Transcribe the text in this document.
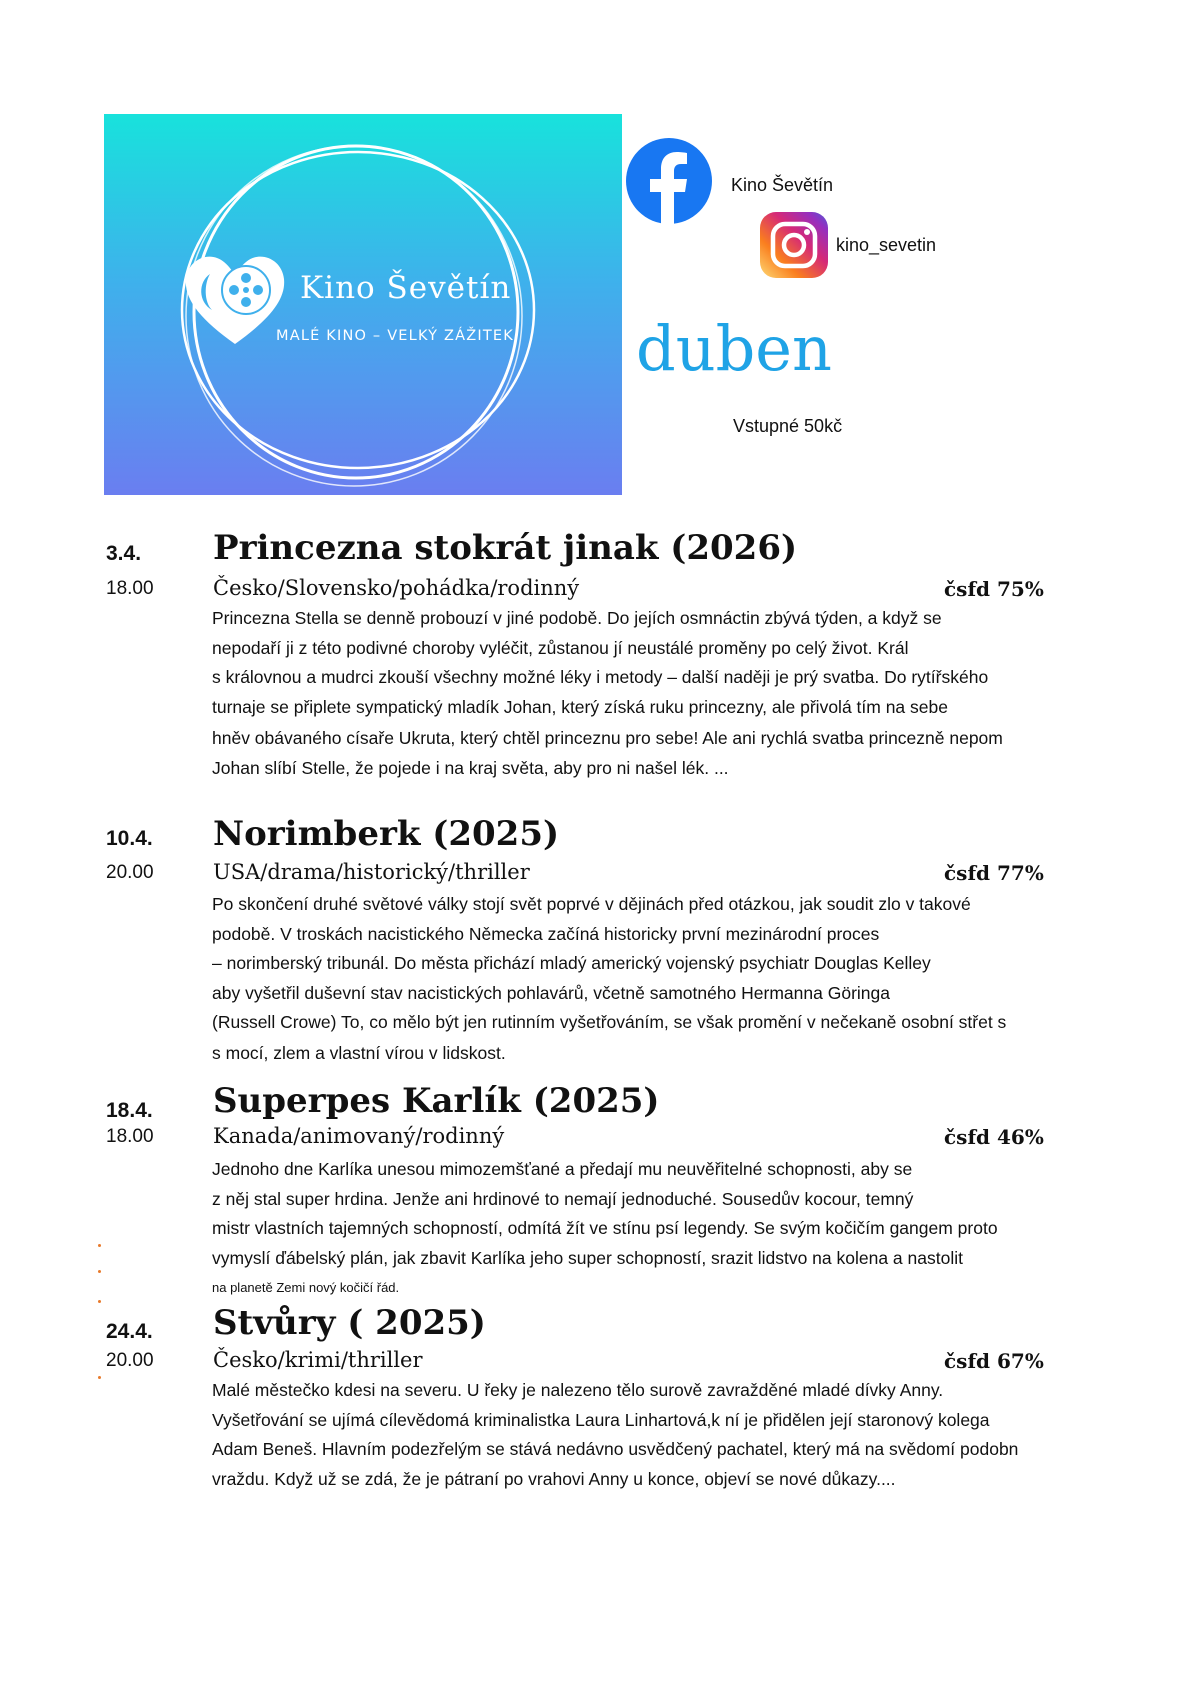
Kino Ševětín
MALÉ KINO – VELKÝ ZÁŽITEK
Kino Ševětín
kino_sevetin
duben
Vstupné 50kč
3.4. Princezna stokrát jinak (2026)
18.00	Česko/Slovensko/pohádka/rodinný	čsfd 75%
Princezna Stella se denně probouzí v jiné podobě. Do jejích osmnáctin zbývá týden, a když se
nepodaří ji z této podivné choroby vyléčit, zůstanou jí neustálé proměny po celý život. Král
s královnou a mudrci zkouší všechny možné léky i metody – další naději je prý svatba. Do rytířského
turnaje se připlete sympatický mladík Johan, který získá ruku princezny, ale přivolá tím na sebe
hněv obávaného císaře Ukruta, který chtěl princeznu pro sebe! Ale ani rychlá svatba princezně nepom
Johan slíbí Stelle, že pojede i na kraj světa, aby pro ni našel lék. ...
10.4. Norimberk (2025)
20.00	USA/drama/historický/thriller	čsfd 77%
Po skončení druhé světové války stojí svět poprvé v dějinách před otázkou, jak soudit zlo v takové
podobě. V troskách nacistického Německa začíná historicky první mezinárodní proces
– norimberský tribunál. Do města přichází mladý americký vojenský psychiatr Douglas Kelley
aby vyšetřil duševní stav nacistických pohlavárů, včetně samotného Hermanna Göringa
(Russell Crowe) To, co mělo být jen rutinním vyšetřováním, se však promění v nečekaně osobní střet s
s mocí, zlem a vlastní vírou v lidskost.
18.4. Superpes Karlík (2025)
18.00	Kanada/animovaný/rodinný	čsfd 46%
Jednoho dne Karlíka unesou mimozemšťané a předají mu neuvěřitelné schopnosti, aby se
z něj stal super hrdina. Jenže ani hrdinové to nemají jednoduché. Sousedův kocour, temný
mistr vlastních tajemných schopností, odmítá žít ve stínu psí legendy. Se svým kočičím gangem proto
vymyslí ďábelský plán, jak zbavit Karlíka jeho super schopností, srazit lidstvo na kolena a nastolit
na planetě Zemi nový kočičí řád.
24.4. Stvůry ( 2025)
20.00	Česko/krimi/thriller	čsfd 67%
Malé městečko kdesi na severu. U řeky je nalezeno tělo surově zavražděné mladé dívky Anny.
Vyšetřování se ujímá cílevědomá kriminalistka Laura Linhartová,k ní je přidělen její staronový kolega
Adam Beneš. Hlavním podezřelým se stává nedávno usvědčený pachatel, který má na svědomí podobn
vraždu. Když už se zdá, že je pátraní po vrahovi Anny u konce, objeví se nové důkazy....
